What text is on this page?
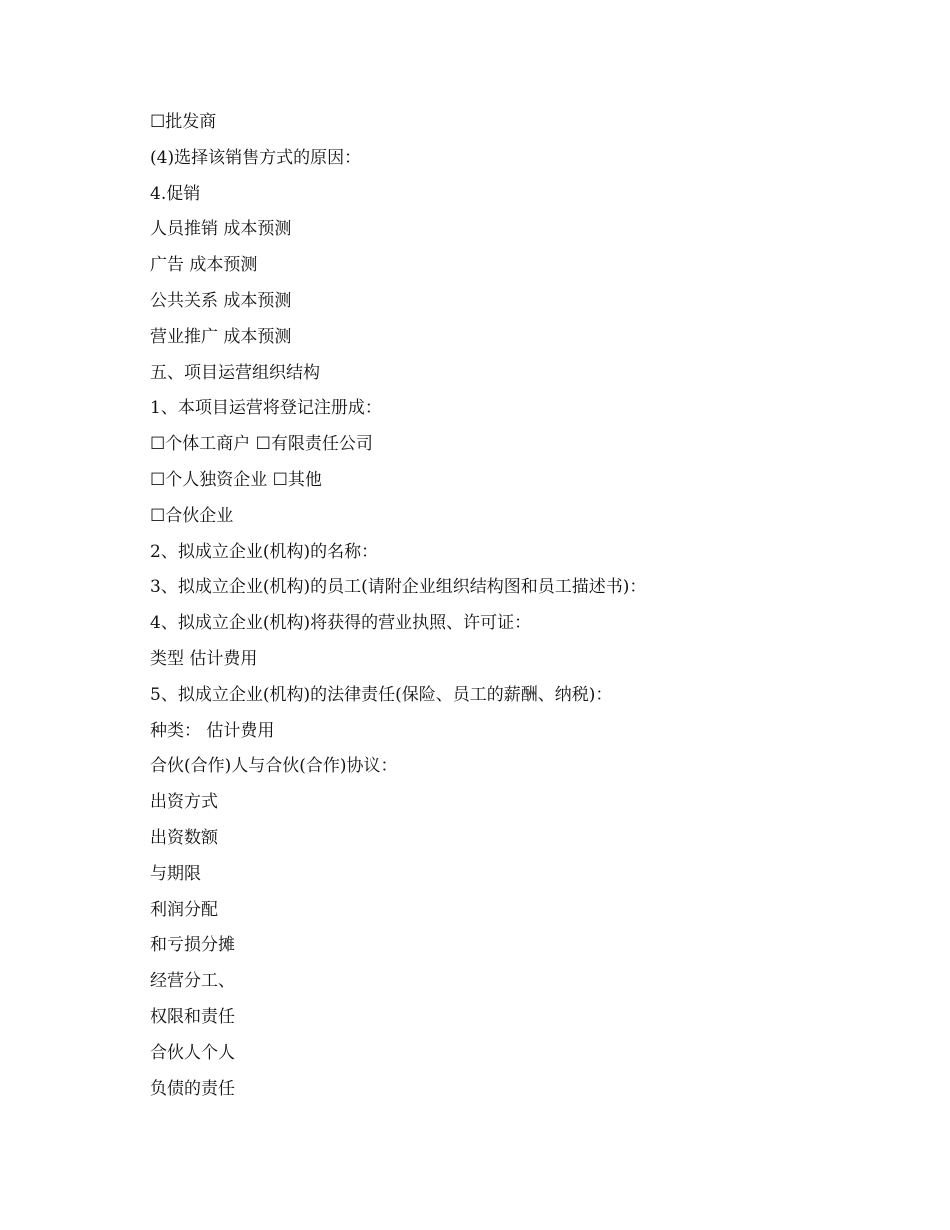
☐批发商
(4)选择该销售方式的原因：
4.促销
人员推销 成本预测
广告 成本预测
公共关系 成本预测
营业推广 成本预测
五、项目运营组织结构
1、本项目运营将登记注册成：
☐个体工商户 ☐有限责任公司
☐个人独资企业 ☐其他
☐合伙企业
2、拟成立企业(机构)的名称：
3、拟成立企业(机构)的员工(请附企业组织结构图和员工描述书)：
4、拟成立企业(机构)将获得的营业执照、许可证：
类型 估计费用
5、拟成立企业(机构)的法律责任(保险、员工的薪酬、纳税)：
种类： 估计费用
合伙(合作)人与合伙(合作)协议：
出资方式
出资数额
与期限
利润分配
和亏损分摊
经营分工、
权限和责任
合伙人个人
负债的责任
